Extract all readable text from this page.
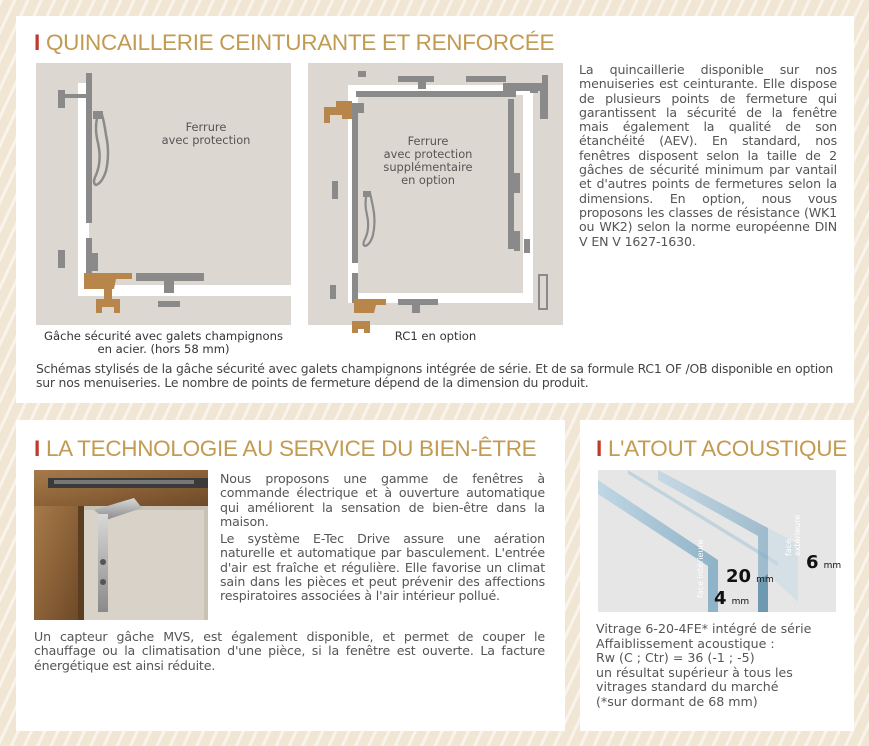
I QUINCAILLERIE CEINTURANTE ET RENFORCÉE
Ferrure
avec protection	Ferrure
avec protection
supplémentaire
en option
Gâche sécurité avec galets champignons
en acier. (hors 58 mm)
RC1 en option
La quincaillerie disponible sur nos menuiseries est ceinturante. Elle dispose de plusieurs points de fermeture qui garantissent la sécurité de la fenêtre mais également la qualité de son étanchéité (AEV). En standard, nos fenêtres disposent selon la taille de 2 gâches de sécurité minimum par vantail et d'autres points de fermetures selon la dimensions. En option, nous vous proposons les classes de résistance (WK1 ou WK2) selon la norme européenne DIN V EN V 1627-1630.
Schémas stylisés de la gâche sécurité avec galets champignons intégrée de série. Et de sa formule RC1 OF /OB disponible en option sur nos menuiseries. Le nombre de points de fermeture dépend de la dimension du produit.
I LA TECHNOLOGIE AU SERVICE DU BIEN-ÊTRE

Nous proposons une gamme de fenêtres à commande électrique et à ouverture automatique qui améliorent la sensation de bien-être dans la maison.

Le système E-Tec Drive assure une aération naturelle et automatique par basculement. L'entrée d'air est fraîche et régulière. Elle favorise un climat sain dans les pièces et peut prévenir des affections respiratoires associées à l'air intérieur pollué.

Un capteur gâche MVS, est également disponible, et permet de couper le chauffage ou la climatisation d'une pièce, si la fenêtre est ouverte. La facture énergétique est ainsi réduite.
I L'ATOUT ACOUSTIQUE
face extérieure
face intérieure	6 mm
20 mm
4 mm
Vitrage 6-20-4FE* intégré de série
Affaiblissement acoustique :
Rw (C ; Ctr) = 36 (-1 ; -5)
un résultat supérieur à tous les
vitrages standard du marché
(*sur dormant de 68 mm)
